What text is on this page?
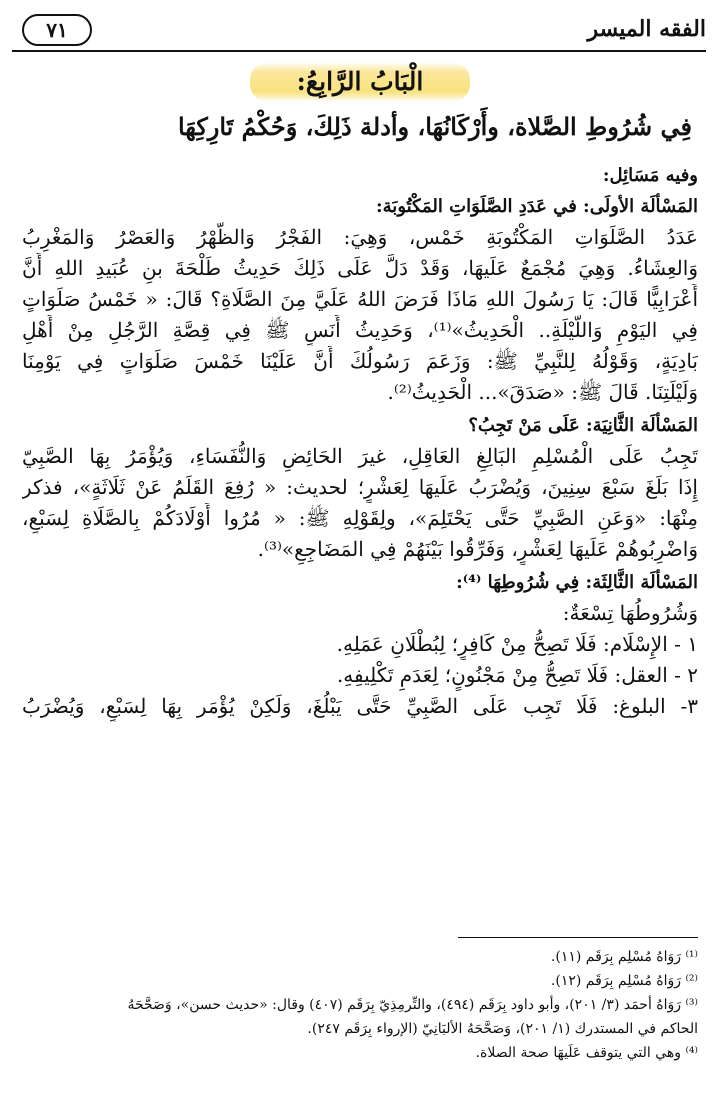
الفقه الميسر
٧١
الْبَابُ الرَّابِعُ:
فِي شُرُوطِ الصَّلاة، وأَرْكَانُهَا، وأدلة ذَلِكَ، وَحُكْمُ تَارِكِهَا
وفيه مَسَائِل:
المَسْألَة الأولَى: في عَدَدِ الصَّلَوَاتِ المَكْتُوبَة:
عَدَدُ الصَّلَوَاتِ المَكْتُوبَةِ خَمْس، وَهِيَ: الفَجْرُ وَالظُّهْرُ وَالعَصْرُ وَالمَغْرِبُ
وَالعِشَاءُ. وَهِيَ مُجْمَعٌ عَلَيهَا، وَقَدْ دَلَّ عَلَى ذَلِكَ حَدِيثُ طَلْحَةَ بنِ عُبَيدِ اللهِ أَنَّ
أَعْرَابِيًّا قَالَ: يَا رَسُولَ اللهِ مَاذَا فَرَضَ اللهُ عَلَيَّ مِنَ الصَّلَاةِ؟ قَالَ: « خَمْسُ صَلَوَاتٍ
فِي اليَوْمِ وَاللَّيْلَةِ.. الْحَدِيثُ»⁽¹⁾، وَحَدِيثُ أَنَسٍ ﷺ فِي قِصَّةِ الرَّجُلِ مِنْ أَهْلِ
بَادِيَةٍ، وَقَوْلُهُ لِلنَّبِيِّ ﷺ: وَزَعَمَ رَسُولُكَ أَنَّ عَلَيْنَا خَمْسَ صَلَوَاتٍ فِي يَوْمِنَا
وَلَيْلَتِنَا. قَالَ ﷺ: «صَدَقَ»... الْحَدِيثُ⁽²⁾.
المَسْألَة الثَّانِيَة: عَلَى مَنْ تَجِبُ؟
تَجِبُ عَلَى الْمُسْلِمِ البَالِغِ العَاقِلِ، غيرَ الحَائِضِ وَالنُّفَسَاءِ، وَيُؤْمَرُ بِهَا الصَّبِيّ
إِذَا بَلَغَ سَبْعَ سِنِينَ، وَيُضْرَبُ عَلَيهَا لِعَشْرٍ؛ لحديث: « رُفِعَ القَلَمُ عَنْ ثَلَاثَةٍ»، فذكر
مِنْهَا: «وَعَنِ الصَّبِيِّ حَتَّى يَحْتَلِمَ»، ولِقَوْلِهِ ﷺ: « مُرُوا أَوْلَادَكُمْ بِالصَّلَاةِ لِسَبْعٍ،
وَاضْرِبُوهُمْ عَلَيهَا لِعَشْرٍ، وَفَرِّقُوا بَيْنَهُمْ فِي المَضَاجِعِ»⁽³⁾.
المَسْألَة الثَّالِثَة: فِي شُرُوطِهَا ⁽⁴⁾:
وَشُرُوطُهَا تِسْعَةٌ:
١ - الإِسْلَام: فَلَا تَصِحُّ مِنْ كَافِرٍ؛ لِبُطْلَانِ عَمَلِهِ.
٢ - العقل: فَلَا تَصِحُّ مِنْ مَجْنُونٍ؛ لِعَدَمِ تَكْلِيفِهِ.
٣- البلوغ: فَلَا تَجِب عَلَى الصَّبِيِّ حَتَّى يَبْلُغَ، وَلَكِنْ يُؤْمَر بِهَا لِسَبْعٍ، وَيُضْرَبُ
⁽¹⁾ رَوَاهُ مُسْلِم بِرَقَم (١١).
⁽²⁾ رَوَاهُ مُسْلِم بِرَقَم (١٢).
⁽³⁾ رَوَاهُ أحمَد (٣/ ٢٠١)، وأبو داود بِرَقَم (٤٩٤)، والتِّرمِذِيّ بِرَقَم (٤٠٧) وقال: «حديث حسن»، وَصَحَّحَهُ
الحاكم في المستدرك (١/ ٢٠١)، وَصَحَّحَهُ الألبَانِيّ (الإرواء بِرَقَم ٢٤٧).
⁽⁴⁾ وهي التي يتوقف عَلَيهَا صحة الصلاة.
